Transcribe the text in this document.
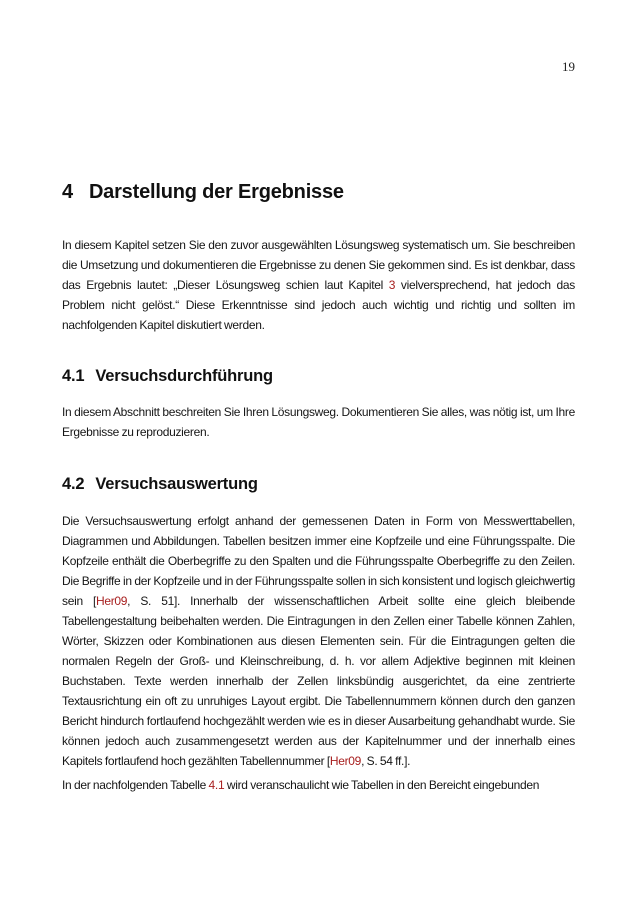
19
4 Darstellung der Ergebnisse

In diesem Kapitel setzen Sie den zuvor ausgewählten Lösungsweg systematisch um. Sie beschreiben die Umsetzung und dokumentieren die Ergebnisse zu denen Sie gekommen sind. Es ist denkbar, dass das Ergebnis lautet: „Dieser Lösungsweg schien laut Kapitel 3 vielversprechend, hat jedoch das Problem nicht gelöst.“ Diese Erkenntnisse sind jedoch auch wichtig und richtig und sollten im nachfolgenden Kapitel diskutiert werden.

4.1 Versuchsdurchführung

In diesem Abschnitt beschreiten Sie Ihren Lösungsweg. Dokumentieren Sie alles, was nötig ist, um Ihre Ergebnisse zu reproduzieren.

4.2 Versuchsauswertung

Die Versuchsauswertung erfolgt anhand der gemessenen Daten in Form von Messwerttabellen, Diagrammen und Abbildungen. Tabellen besitzen immer eine Kopfzeile und eine Führungsspalte. Die Kopfzeile enthält die Oberbegriffe zu den Spalten und die Führungsspalte Oberbegriffe zu den Zeilen. Die Begriffe in der Kopfzeile und in der Führungsspalte sollen in sich konsistent und logisch gleichwertig sein [Her09, S. 51]. Innerhalb der wissenschaftlichen Arbeit sollte eine gleich bleibende Tabellengestaltung beibehalten werden. Die Eintragungen in den Zellen einer Tabelle können Zahlen, Wörter, Skizzen oder Kombinationen aus diesen Elementen sein. Für die Eintragungen gelten die normalen Regeln der Groß- und Kleinschreibung, d. h. vor allem Adjektive beginnen mit kleinen Buchstaben. Texte werden innerhalb der Zellen linksbündig ausgerichtet, da eine zentrierte Textausrichtung ein oft zu unruhiges Layout ergibt. Die Tabellennummern können durch den ganzen Bericht hindurch fortlaufend hochgezählt werden wie es in dieser Ausarbeitung gehandhabt wurde. Sie können jedoch auch zusammengesetzt werden aus der Kapitelnummer und der innerhalb eines Kapitels fortlaufend hoch gezählten Tabellennummer [Her09, S. 54 ff.].

In der nachfolgenden Tabelle 4.1 wird veranschaulicht wie Tabellen in den Bereicht eingebunden
